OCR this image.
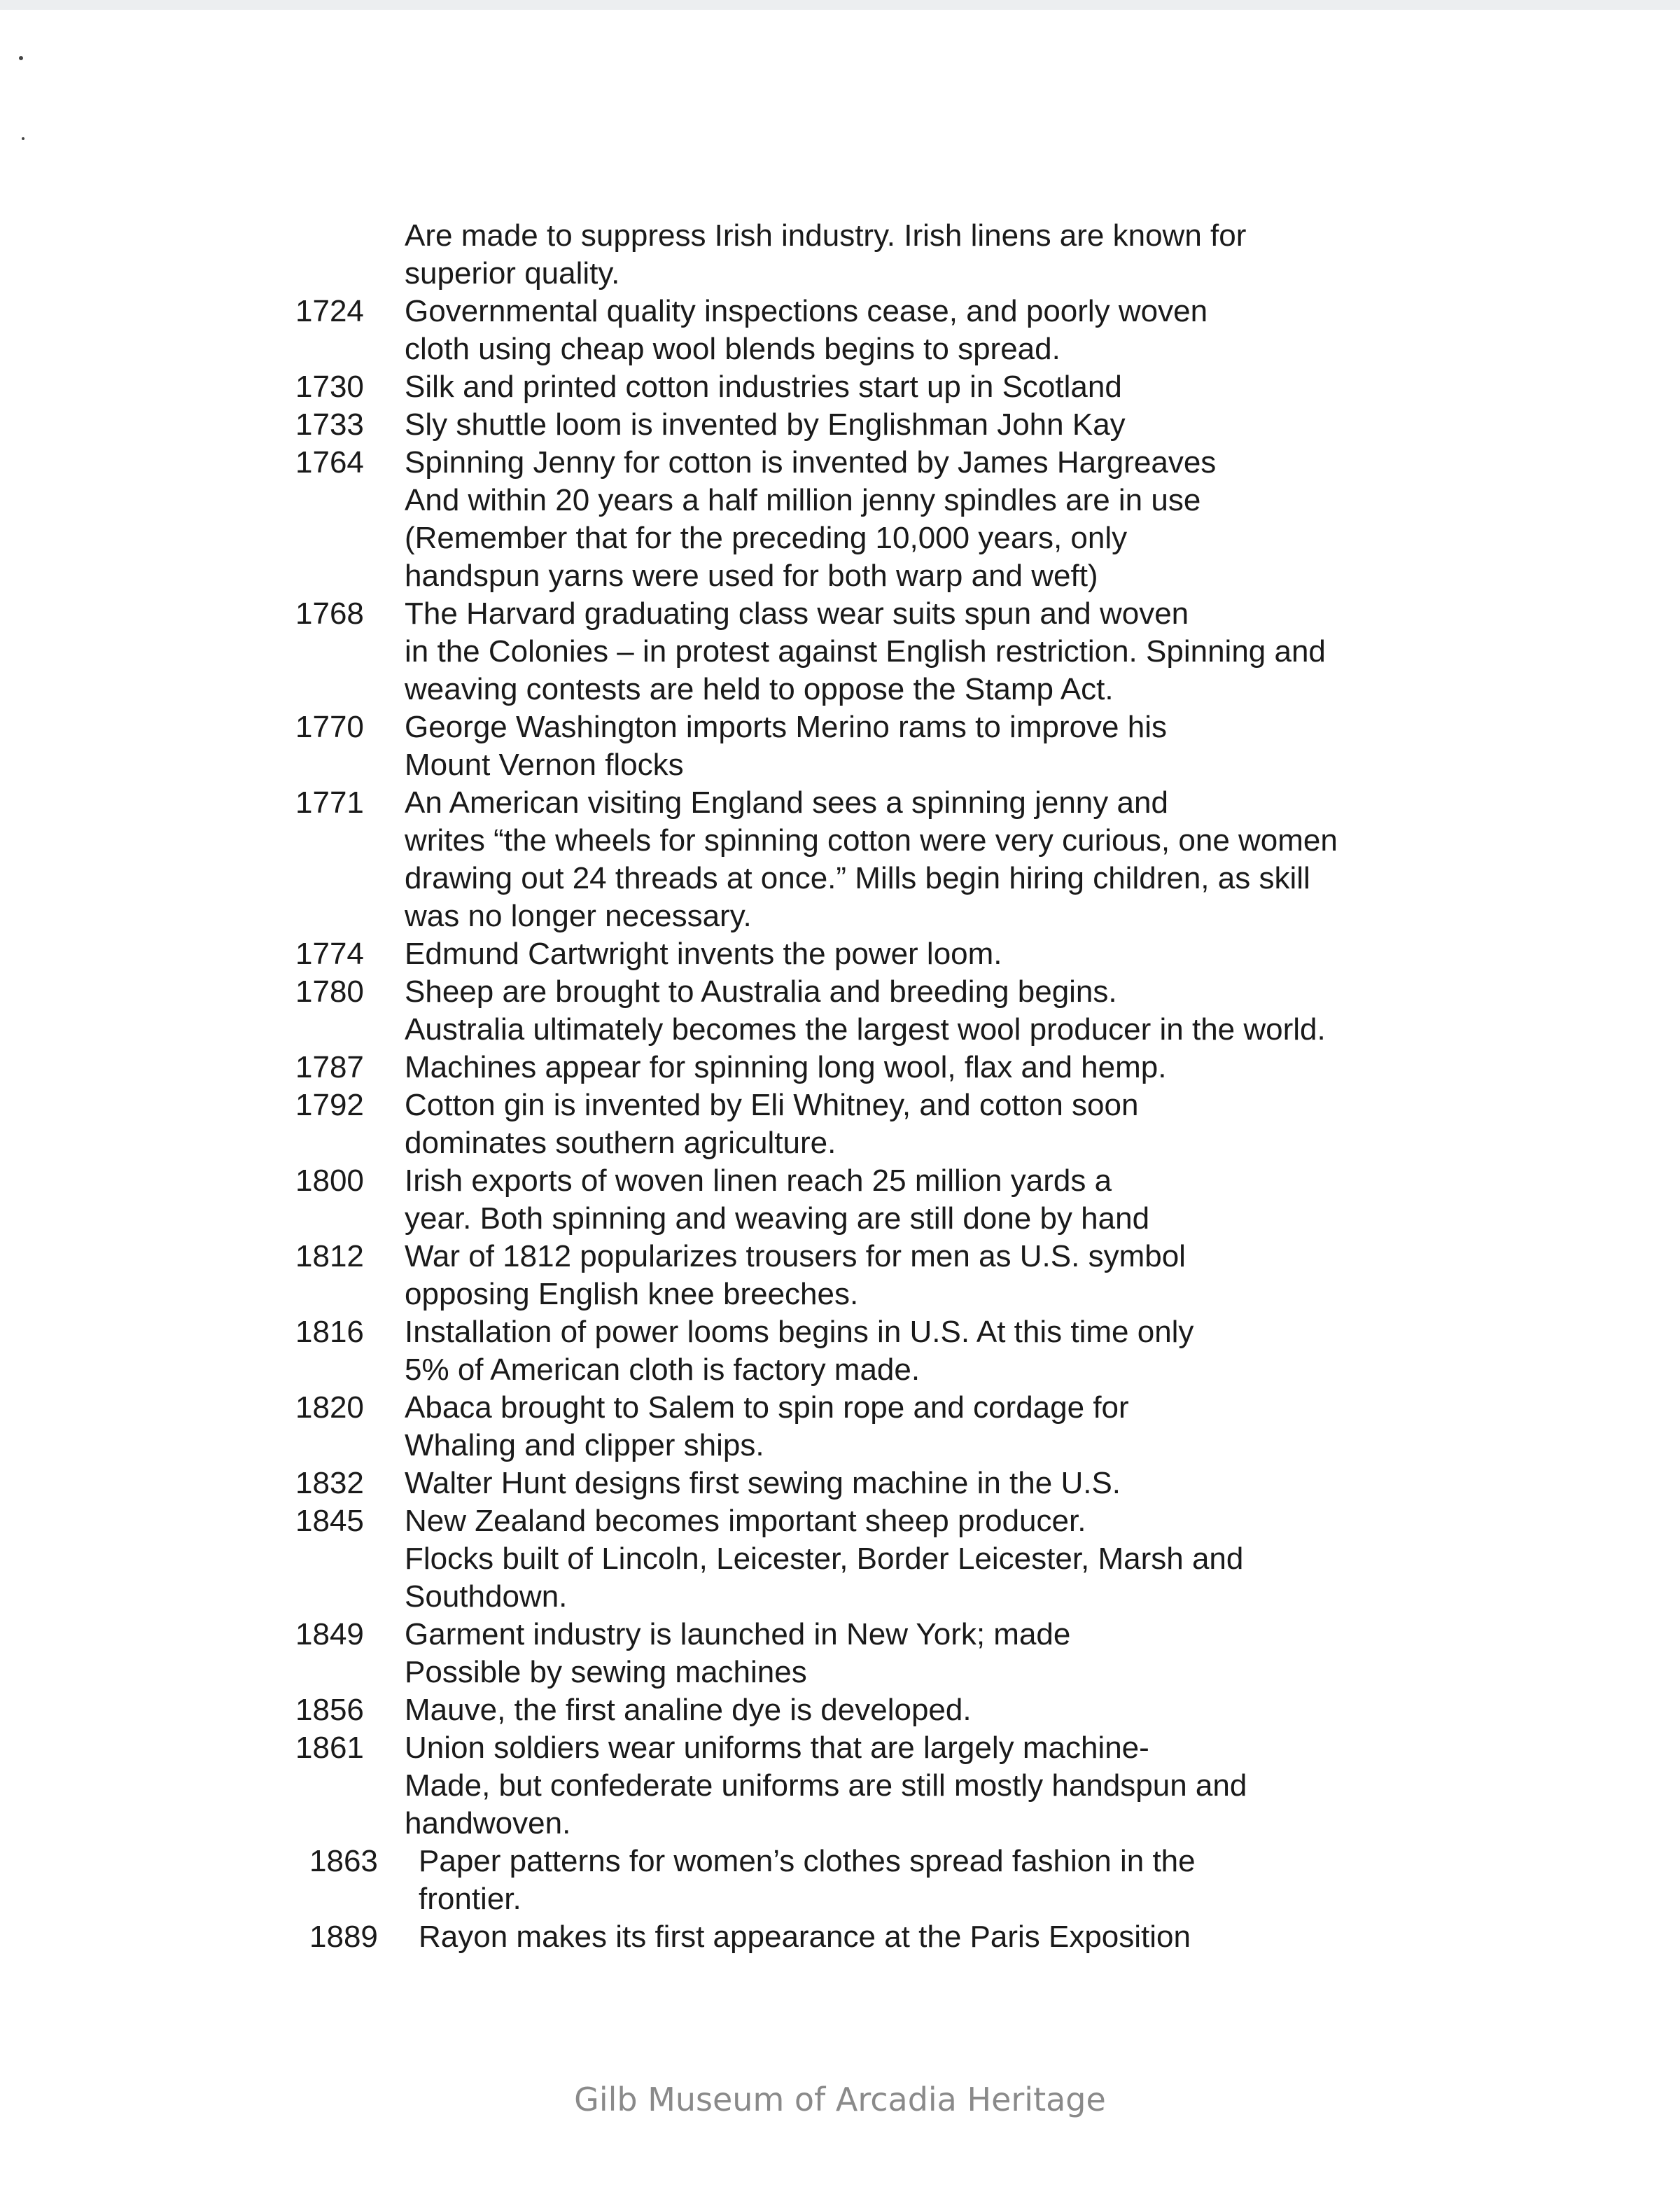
Are made to suppress Irish industry. Irish linens are known for
superior quality.
1724 Governmental quality inspections cease, and poorly woven
cloth using cheap wool blends begins to spread.
1730 Silk and printed cotton industries start up in Scotland
1733 Sly shuttle loom is invented by Englishman John Kay
1764 Spinning Jenny for cotton is invented by James Hargreaves
And within 20 years a half million jenny spindles are in use
(Remember that for the preceding 10,000 years, only
handspun yarns were used for both warp and weft)
1768 The Harvard graduating class wear suits spun and woven
in the Colonies – in protest against English restriction. Spinning and
weaving contests are held to oppose the Stamp Act.
1770 George Washington imports Merino rams to improve his
Mount Vernon flocks
1771 An American visiting England sees a spinning jenny and
writes “the wheels for spinning cotton were very curious, one women
drawing out 24 threads at once.” Mills begin hiring children, as skill
was no longer necessary.
1774 Edmund Cartwright invents the power loom.
1780 Sheep are brought to Australia and breeding begins.
Australia ultimately becomes the largest wool producer in the world.
1787 Machines appear for spinning long wool, flax and hemp.
1792 Cotton gin is invented by Eli Whitney, and cotton soon
dominates southern agriculture.
1800 Irish exports of woven linen reach 25 million yards a
year. Both spinning and weaving are still done by hand
1812 War of 1812 popularizes trousers for men as U.S. symbol
opposing English knee breeches.
1816 Installation of power looms begins in U.S. At this time only
5% of American cloth is factory made.
1820 Abaca brought to Salem to spin rope and cordage for
Whaling and clipper ships.
1832 Walter Hunt designs first sewing machine in the U.S.
1845 New Zealand becomes important sheep producer.
Flocks built of Lincoln, Leicester, Border Leicester, Marsh and
Southdown.
1849 Garment industry is launched in New York; made
Possible by sewing machines
1856 Mauve, the first analine dye is developed.
1861 Union soldiers wear uniforms that are largely machine-
Made, but confederate uniforms are still mostly handspun and
handwoven.
1863 Paper patterns for women’s clothes spread fashion in the
frontier.
1889 Rayon makes its first appearance at the Paris Exposition
Gilb Museum of Arcadia Heritage
